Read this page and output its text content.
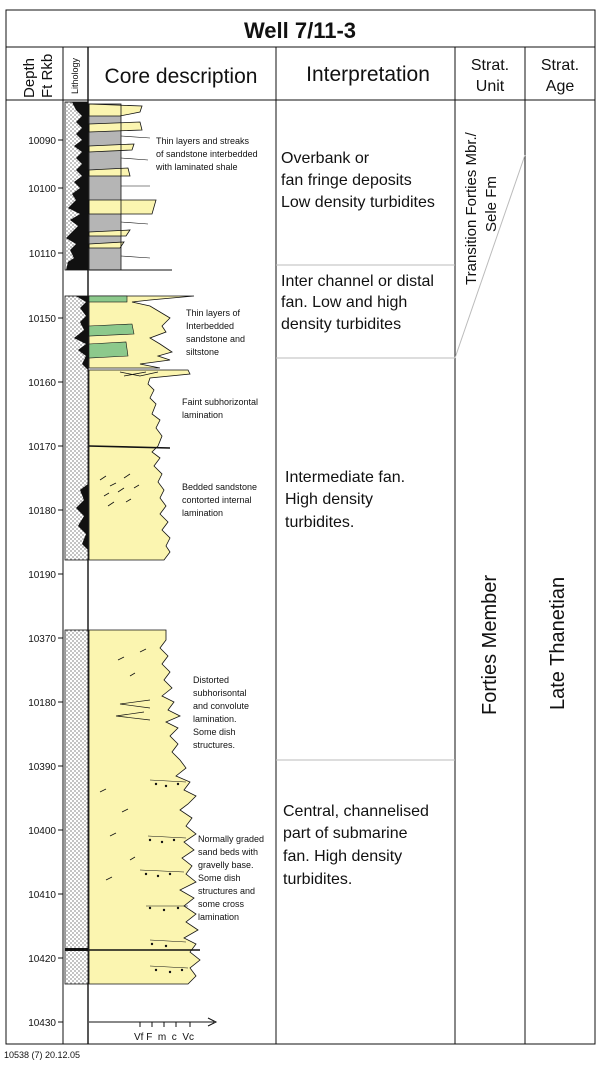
Well 7/11-3
Depth Ft Rkb Lithology Core description Interpretation	Strat.
Unit
Strat.
Age
10090
10100
10110
10150
10160
10170
10180
10190
10370
10180
10390
10400
10410
10420
10430
Vf F  m  c  Vc
Thin layers and streaks
of sandstone interbedded
with laminated shale
Thin layers of
Interbedded
sandstone and
siltstone
Faint subhorizontal
lamination
Bedded sandstone
contorted internal
lamination
Distorted
subhorisontal
and convolute
lamination.
Some dish
structures.
Normally graded
sand beds with
gravelly base.
Some dish
structures and
some cross
lamination
Overbank or
fan fringe deposits
Low density turbidites
Inter channel or distal
fan. Low and high
density turbidites
Intermediate fan.
High density
turbidites.
Central, channelised
part of submarine
fan. High density
turbidites.
Transition Forties Mbr./ Sele Fm
Forties Member Late Thanetian
10538 (7) 20.12.05
